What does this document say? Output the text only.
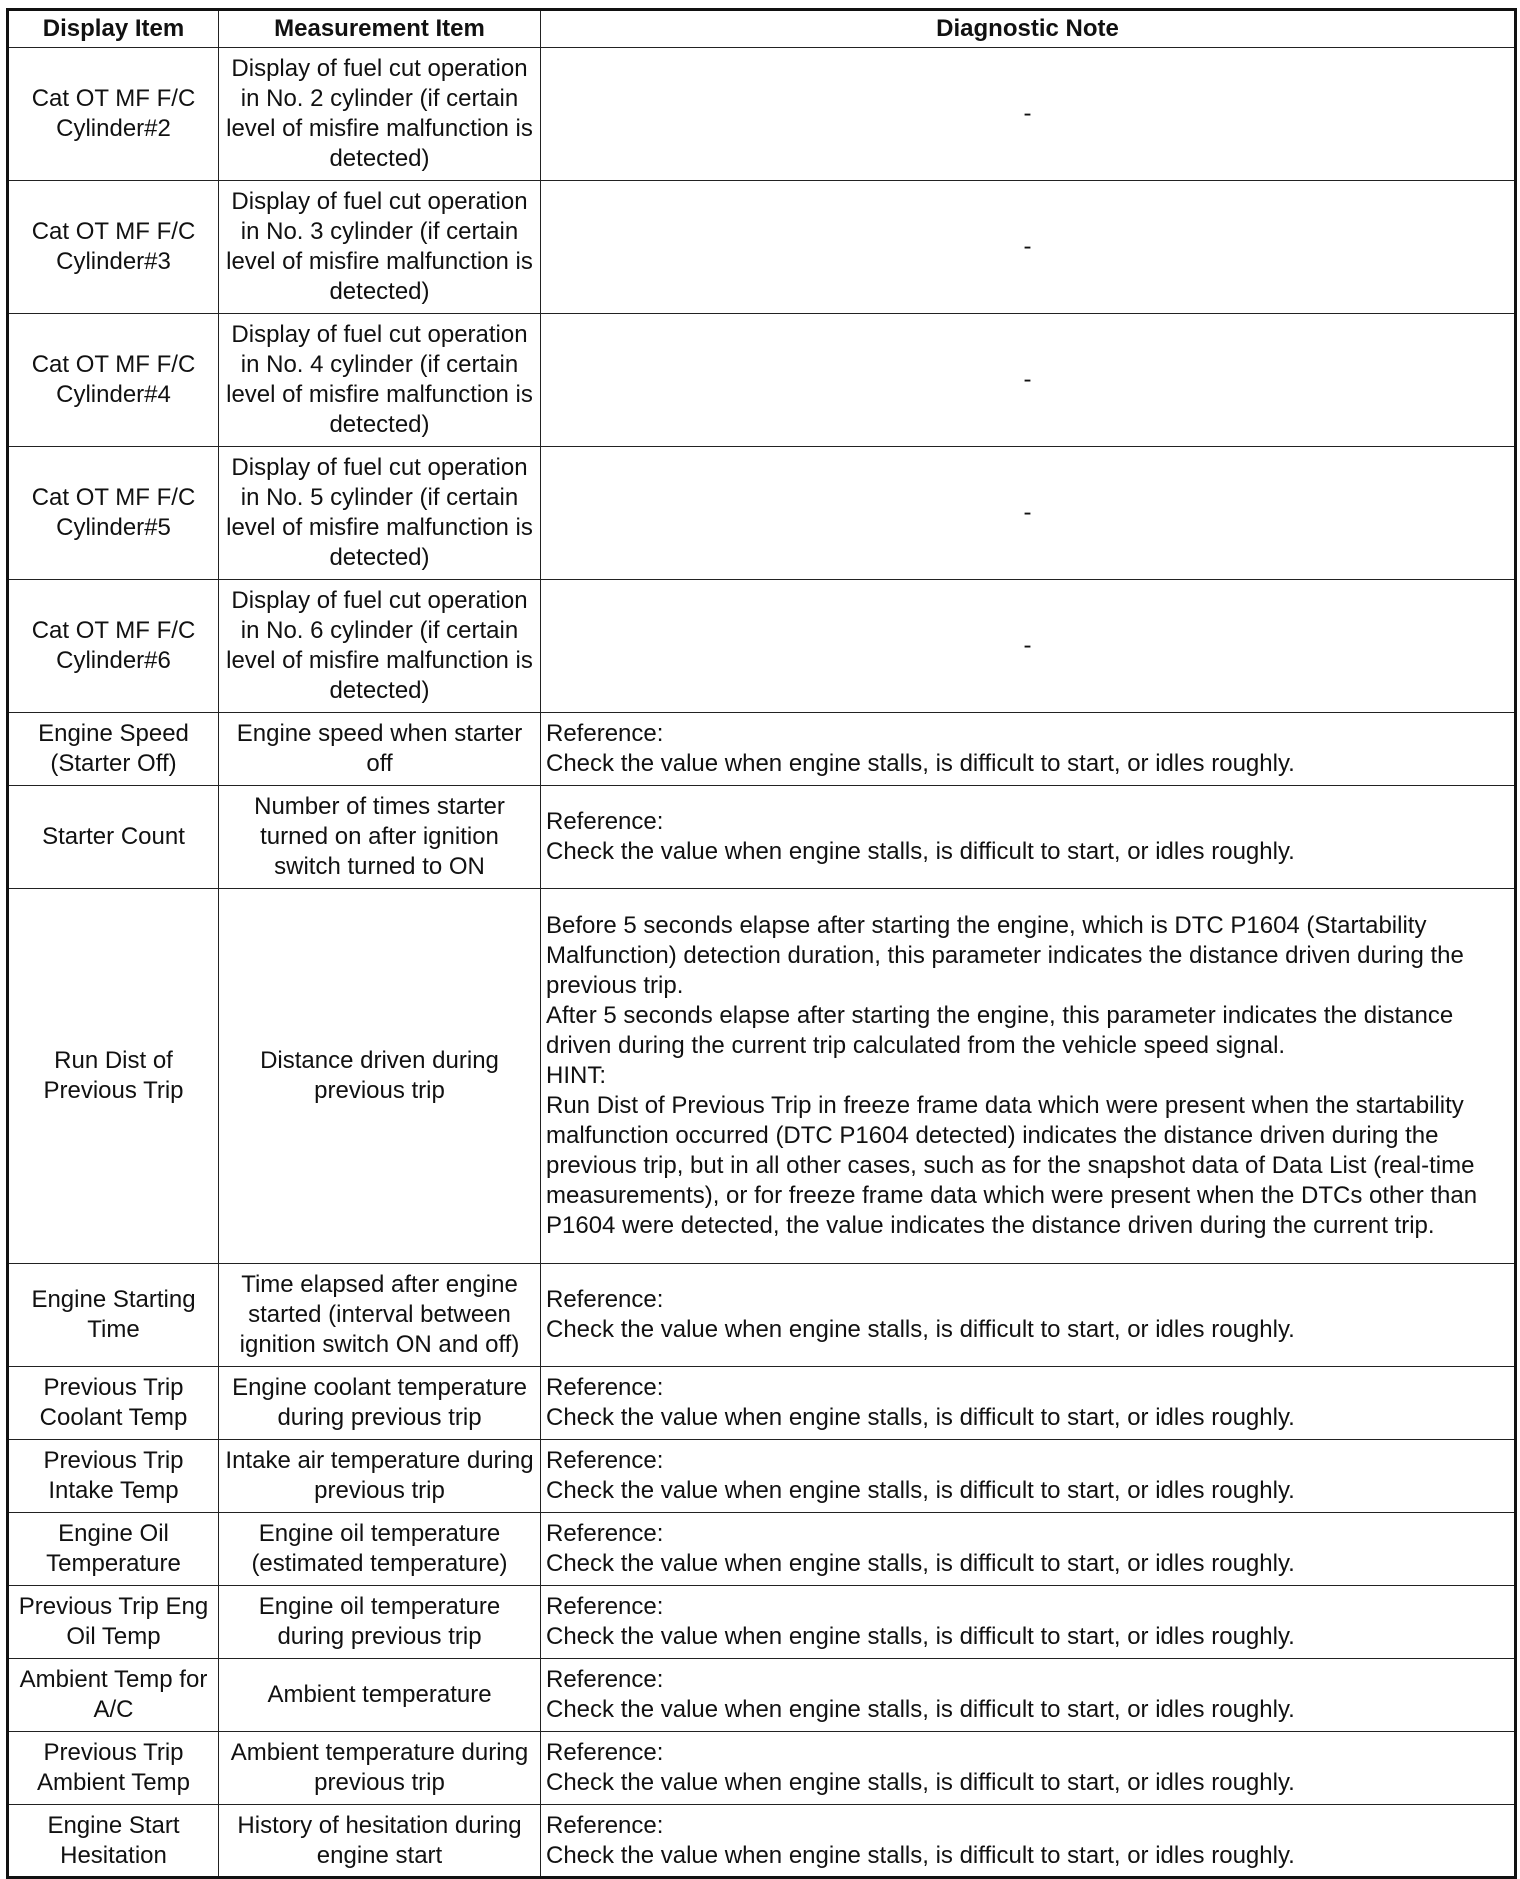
Display Item	Measurement Item	Diagnostic Note
Cat OT MF F/C Cylinder#2	Display of fuel cut operation in No. 2 cylinder (if certain level of misfire malfunction is detected)	-
Cat OT MF F/C Cylinder#3	Display of fuel cut operation in No. 3 cylinder (if certain level of misfire malfunction is detected)	-
Cat OT MF F/C Cylinder#4	Display of fuel cut operation in No. 4 cylinder (if certain level of misfire malfunction is detected)	-
Cat OT MF F/C Cylinder#5	Display of fuel cut operation in No. 5 cylinder (if certain level of misfire malfunction is detected)	-
Cat OT MF F/C Cylinder#6	Display of fuel cut operation in No. 6 cylinder (if certain level of misfire malfunction is detected)	-
Engine Speed (Starter Off)	Engine speed when starter off	Reference:
Check the value when engine stalls, is difficult to start, or idles roughly.
Starter Count	Number of times starter turned on after ignition switch turned to ON	Reference:
Check the value when engine stalls, is difficult to start, or idles roughly.
Run Dist of Previous Trip	Distance driven during previous trip	Before 5 seconds elapse after starting the engine, which is DTC P1604 (Startability Malfunction) detection duration, this parameter indicates the distance driven during the previous trip.
After 5 seconds elapse after starting the engine, this parameter indicates the distance driven during the current trip calculated from the vehicle speed signal.
HINT:
Run Dist of Previous Trip in freeze frame data which were present when the startability malfunction occurred (DTC P1604 detected) indicates the distance driven during the previous trip, but in all other cases, such as for the snapshot data of Data List (real-time measurements), or for freeze frame data which were present when the DTCs other than P1604 were detected, the value indicates the distance driven during the current trip.
Engine Starting Time	Time elapsed after engine started (interval between ignition switch ON and off)	Reference:
Check the value when engine stalls, is difficult to start, or idles roughly.
Previous Trip Coolant Temp	Engine coolant temperature during previous trip	Reference:
Check the value when engine stalls, is difficult to start, or idles roughly.
Previous Trip Intake Temp	Intake air temperature during previous trip	Reference:
Check the value when engine stalls, is difficult to start, or idles roughly.
Engine Oil Temperature	Engine oil temperature (estimated temperature)	Reference:
Check the value when engine stalls, is difficult to start, or idles roughly.
Previous Trip Eng Oil Temp	Engine oil temperature during previous trip	Reference:
Check the value when engine stalls, is difficult to start, or idles roughly.
Ambient Temp for A/C	Ambient temperature	Reference:
Check the value when engine stalls, is difficult to start, or idles roughly.
Previous Trip Ambient Temp	Ambient temperature during previous trip	Reference:
Check the value when engine stalls, is difficult to start, or idles roughly.
Engine Start Hesitation	History of hesitation during engine start	Reference:
Check the value when engine stalls, is difficult to start, or idles roughly.
